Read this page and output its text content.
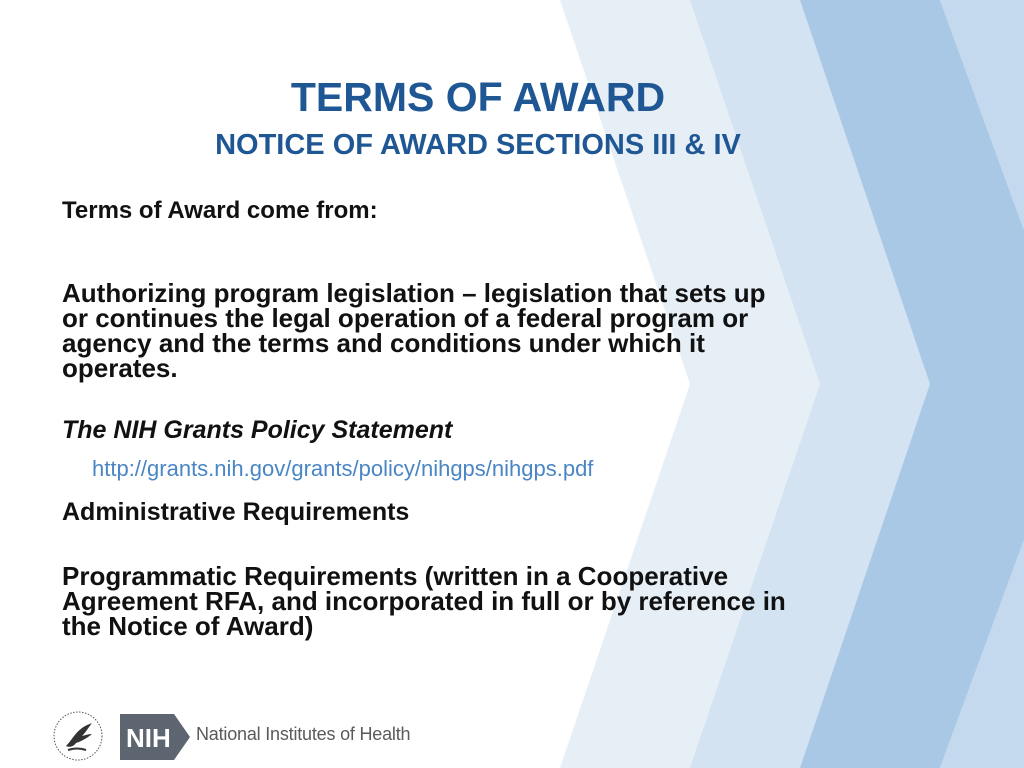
TERMS OF AWARD

NOTICE OF AWARD SECTIONS III & IV

Terms of Award come from:

Authorizing program legislation – legislation that sets up
or continues the legal operation of a federal program or
agency and the terms and conditions under which it
operates.

The NIH Grants Policy Statement

http://grants.nih.gov/grants/policy/nihgps/nihgps.pdf

Administrative Requirements

Programmatic Requirements (written in a Cooperative
Agreement RFA, and incorporated in full or by reference in
the Notice of Award)
NIH National Institutes of Health
